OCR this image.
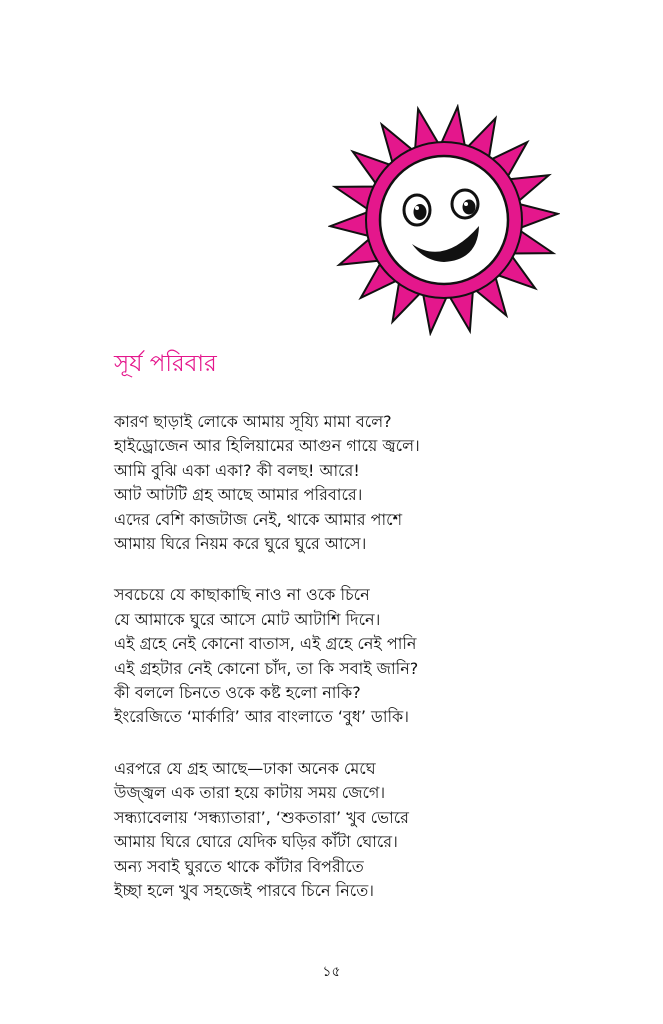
সূর্য পরিবার
কারণ ছাড়াই লোকে আমায় সূয্যি মামা বলে?
হাইড্রোজেন আর হিলিয়ামের আগুন গায়ে জ্বলে।
আমি বুঝি একা একা? কী বলছ! আরে!
আট আটটি গ্রহ আছে আমার পরিবারে।
এদের বেশি কাজটাজ নেই, থাকে আমার পাশে
আমায় ঘিরে নিয়ম করে ঘুরে ঘুরে আসে।
সবচেয়ে যে কাছাকাছি নাও না ওকে চিনে
যে আমাকে ঘুরে আসে মোট আটাশি দিনে।
এই গ্রহে নেই কোনো বাতাস, এই গ্রহে নেই পানি
এই গ্রহটার নেই কোনো চাঁদ, তা কি সবাই জানি?
কী বললে চিনতে ওকে কষ্ট হলো নাকি?
ইংরেজিতে ‘মার্কারি’ আর বাংলাতে ‘বুধ’ ডাকি।
এরপরে যে গ্রহ আছে—ঢাকা অনেক মেঘে
উজ্জ্বল এক তারা হয়ে কাটায় সময় জেগে।
সন্ধ্যাবেলায় ‘সন্ধ্যাতারা’, ‘শুকতারা’ খুব ভোরে
আমায় ঘিরে ঘোরে যেদিক ঘড়ির কাঁটা ঘোরে।
অন্য সবাই ঘুরতে থাকে কাঁটার বিপরীতে
ইচ্ছা হলে খুব সহজেই পারবে চিনে নিতে।
১৫
